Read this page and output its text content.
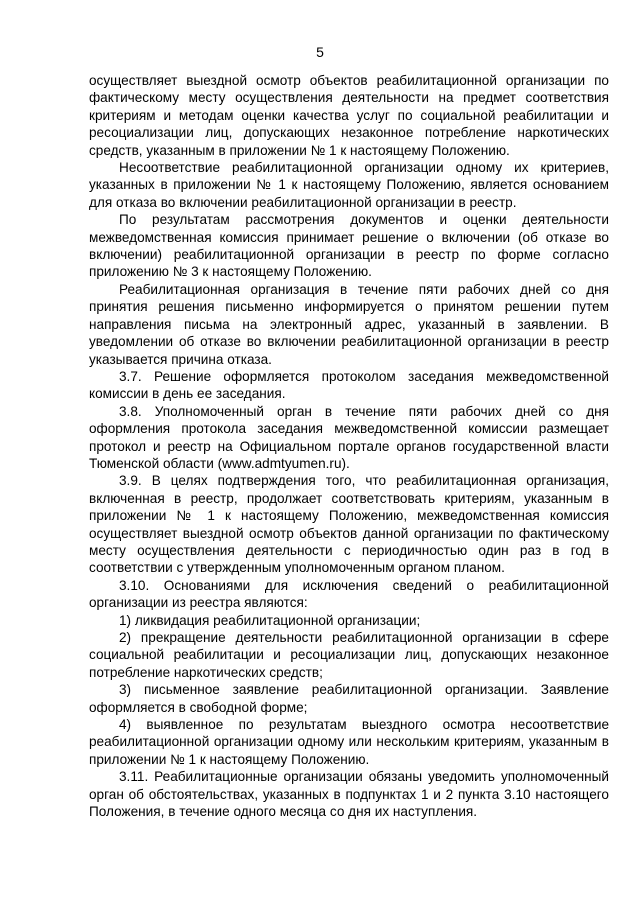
5

осуществляет выездной осмотр объектов реабилитационной организации по фактическому месту осуществления деятельности на предмет соответствия критериям и методам оценки качества услуг по социальной реабилитации и ресоциализации лиц, допускающих незаконное потребление наркотических средств, указанным в приложении № 1 к настоящему Положению.

Несоответствие реабилитационной организации одному их критериев, указанных в приложении № 1 к настоящему Положению, является основанием для отказа во включении реабилитационной организации в реестр.

По результатам рассмотрения документов и оценки деятельности межведомственная комиссия принимает решение о включении (об отказе во включении) реабилитационной организации в реестр по форме согласно приложению № 3 к настоящему Положению.

Реабилитационная организация в течение пяти рабочих дней со дня принятия решения письменно информируется о принятом решении путем направления письма на электронный адрес, указанный в заявлении. В уведомлении об отказе во включении реабилитационной организации в реестр указывается причина отказа.

3.7. Решение оформляется протоколом заседания межведомственной комиссии в день ее заседания.

3.8. Уполномоченный орган в течение пяти рабочих дней со дня оформления протокола заседания межведомственной комиссии размещает протокол и реестр на Официальном портале органов государственной власти Тюменской области (www.admtyumen.ru).

3.9. В целях подтверждения того, что реабилитационная организация, включенная в реестр, продолжает соответствовать критериям, указанным в приложении № 1 к настоящему Положению, межведомственная комиссия осуществляет выездной осмотр объектов данной организации по фактическому месту осуществления деятельности с периодичностью один раз в год в соответствии с утвержденным уполномоченным органом планом.

3.10. Основаниями для исключения сведений о реабилитационной организации из реестра являются:

1) ликвидация реабилитационной организации;

2) прекращение деятельности реабилитационной организации в сфере социальной реабилитации и ресоциализации лиц, допускающих незаконное потребление наркотических средств;

3) письменное заявление реабилитационной организации. Заявление оформляется в свободной форме;

4) выявленное по результатам выездного осмотра несоответствие реабилитационной организации одному или нескольким критериям, указанным в приложении № 1 к настоящему Положению.

3.11. Реабилитационные организации обязаны уведомить уполномоченный орган об обстоятельствах, указанных в подпунктах 1 и 2 пункта 3.10 настоящего Положения, в течение одного месяца со дня их наступления.
